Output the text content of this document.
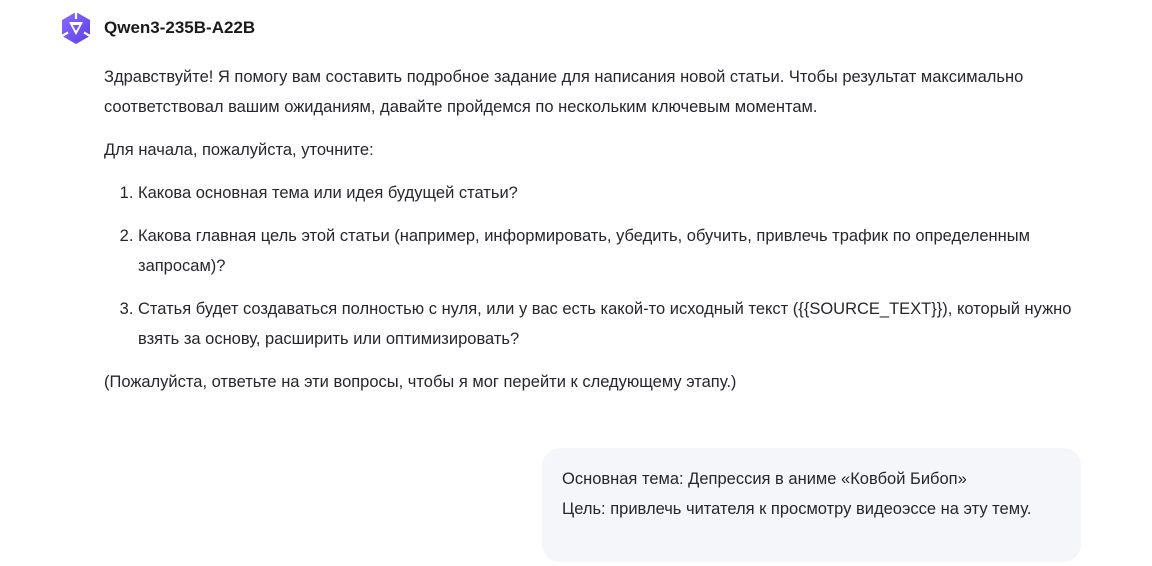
Qwen3-235B-A22B

Здравствуйте! Я помогу вам составить подробное задание для написания новой статьи. Чтобы результат максимально соответствовал вашим ожиданиям, давайте пройдемся по нескольким ключевым моментам.

Для начала, пожалуйста, уточните:

1. Какова основная тема или идея будущей статьи?
2. Какова главная цель этой статьи (например, информировать, убедить, обучить, привлечь трафик по определенным запросам)?
3. Статья будет создаваться полностью с нуля, или у вас есть какой-то исходный текст ({{SOURCE_TEXT}}), который нужно взять за основу, расширить или оптимизировать?

(Пожалуйста, ответьте на эти вопросы, чтобы я мог перейти к следующему этапу.)

Основная тема: Депрессия в аниме «Ковбой Бибоп»
Цель: привлечь читателя к просмотру видеоэссе на эту тему.
